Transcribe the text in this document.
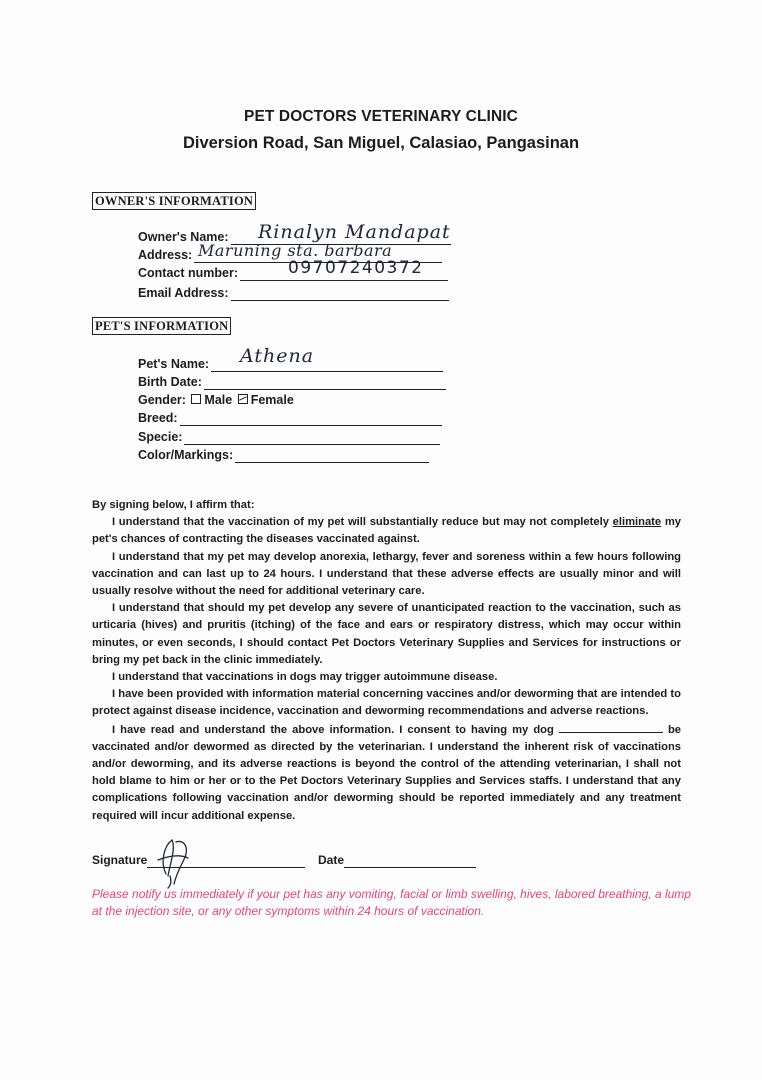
PET DOCTORS VETERINARY CLINIC
Diversion Road, San Miguel, Calasiao, Pangasinan
OWNER'S INFORMATION
Owner's Name:	Rinalyn Mandapat
Address: Maruning sta. barbara
Contact number:	09707240372
Email Address:
PET'S INFORMATION
Pet's Name:	Athena
Birth Date:
Gender: Male Female
Breed:
Specie:
Color/Markings:

By signing below, I affirm that:

I understand that the vaccination of my pet will substantially reduce but may not completely eliminate my pet's chances of contracting the diseases vaccinated against.

I understand that my pet may develop anorexia, lethargy, fever and soreness within a few hours following vaccination and can last up to 24 hours. I understand that these adverse effects are usually minor and will usually resolve without the need for additional veterinary care.

I understand that should my pet develop any severe of unanticipated reaction to the vaccination, such as urticaria (hives) and pruritis (itching) of the face and ears or respiratory distress, which may occur within minutes, or even seconds, I should contact Pet Doctors Veterinary Supplies and Services for instructions or bring my pet back in the clinic immediately.

I understand that vaccinations in dogs may trigger autoimmune disease.

I have been provided with information material concerning vaccines and/or deworming that are intended to protect against disease incidence, vaccination and deworming recommendations and adverse reactions.

I have read and understand the above information. I consent to having my dog	be vaccinated and/or dewormed as directed by the veterinarian. I understand the inherent risk of vaccinations and/or deworming, and its adverse reactions is beyond the control of the attending veterinarian, I shall not hold blame to him or her or to the Pet Doctors Veterinary Supplies and Services staffs. I understand that any complications following vaccination and/or deworming should be reported immediately and any treatment required will incur additional expense.

Signature	Date
Please notify us immediately if your pet has any vomiting, facial or limb swelling, hives, labored breathing, a lump at the injection site, or any other symptoms within 24 hours of vaccination.
